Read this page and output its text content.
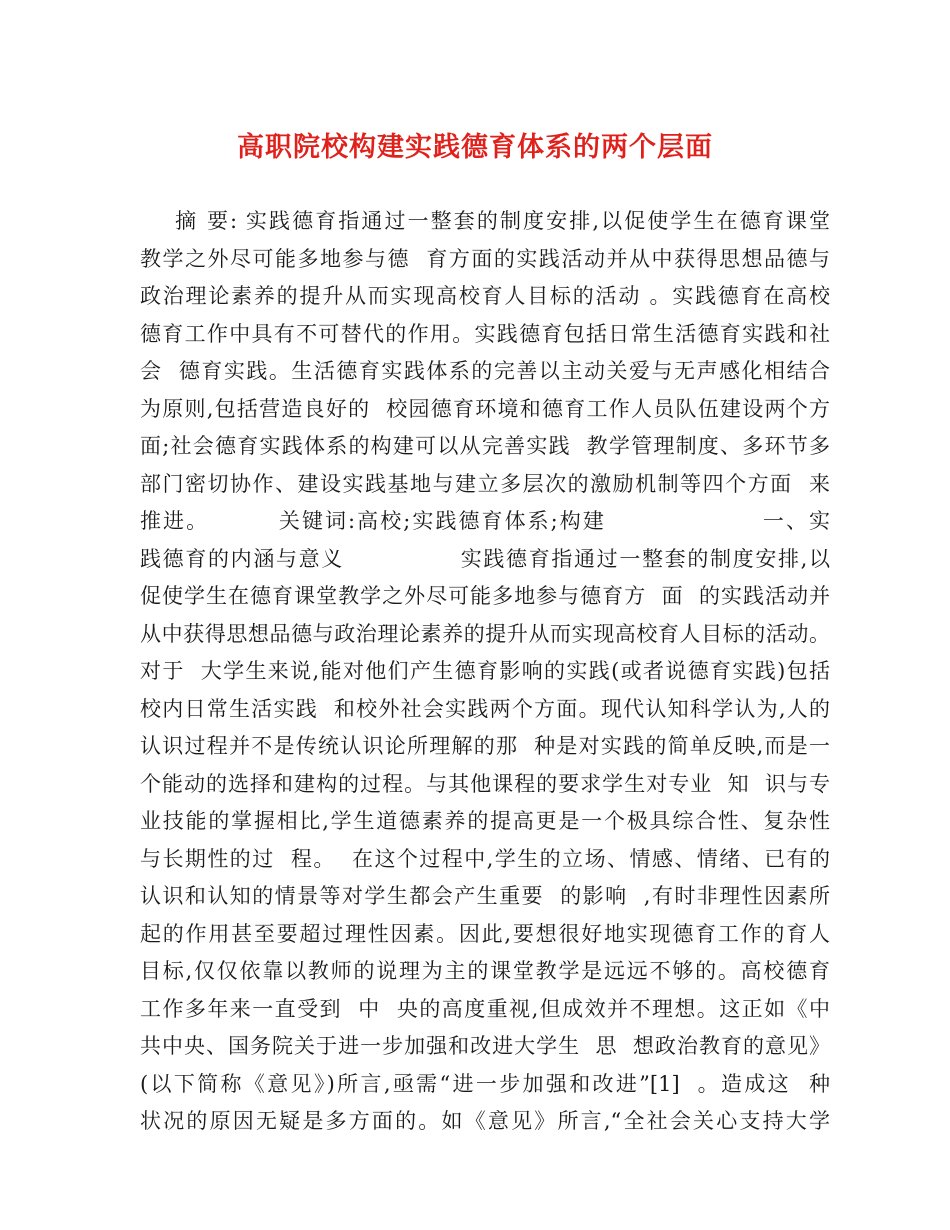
高职院校构建实践德育体系的两个层面
摘 要: 实践德育指通过一整套的制度安排,以促使学生在德育课堂
教学之外尽可能多地参与德  育方面的实践活动并从中获得思想品德与
政治理论素养的提升从而实现高校育人目标的活动 。实践德育在高校
德育工作中具有不可替代的作用。实践德育包括日常生活德育实践和社
会  德育实践。生活德育实践体系的完善以主动关爱与无声感化相结合
为原则,包括营造良好的  校园德育环境和德育工作人员队伍建设两个方
面;社会德育实践体系的构建可以从完善实践  教学管理制度、多环节多
部门密切协作、建设实践基地与建立多层次的激励机制等四个方面  来
推进。        关键词:高校;实践德育体系;构建                  一、实
践德育的内涵与意义              实践德育指通过一整套的制度安排,以
促使学生在德育课堂教学之外尽可能多地参与德育方  面  的实践活动并
从中获得思想品德与政治理论素养的提升从而实现高校育人目标的活动。
对于  大学生来说,能对他们产生德育影响的实践(或者说德育实践)包括
校内日常生活实践  和校外社会实践两个方面。现代认知科学认为,人的
认识过程并不是传统认识论所理解的那  种是对实践的简单反映,而是一
个能动的选择和建构的过程。与其他课程的要求学生对专业  知  识与专
业技能的掌握相比,学生道德素养的提高更是一个极具综合性、复杂性
与长期性的过  程。  在这个过程中,学生的立场、情感、情绪、已有的
认识和认知的情景等对学生都会产生重要  的影响  ,有时非理性因素所
起的作用甚至要超过理性因素。因此,要想很好地实现德育工作的育人
目标,仅仅依靠以教师的说理为主的课堂教学是远远不够的。高校德育
工作多年来一直受到  中  央的高度重视,但成效并不理想。这正如《中
共中央、国务院关于进一步加强和改进大学生  思  想政治教育的意见》
(以下简称《意见》)所言,亟需“进一步加强和改进”[1]  。造成这  种
状况的原因无疑是多方面的。如《意见》所言,“全社会关心支持大学
